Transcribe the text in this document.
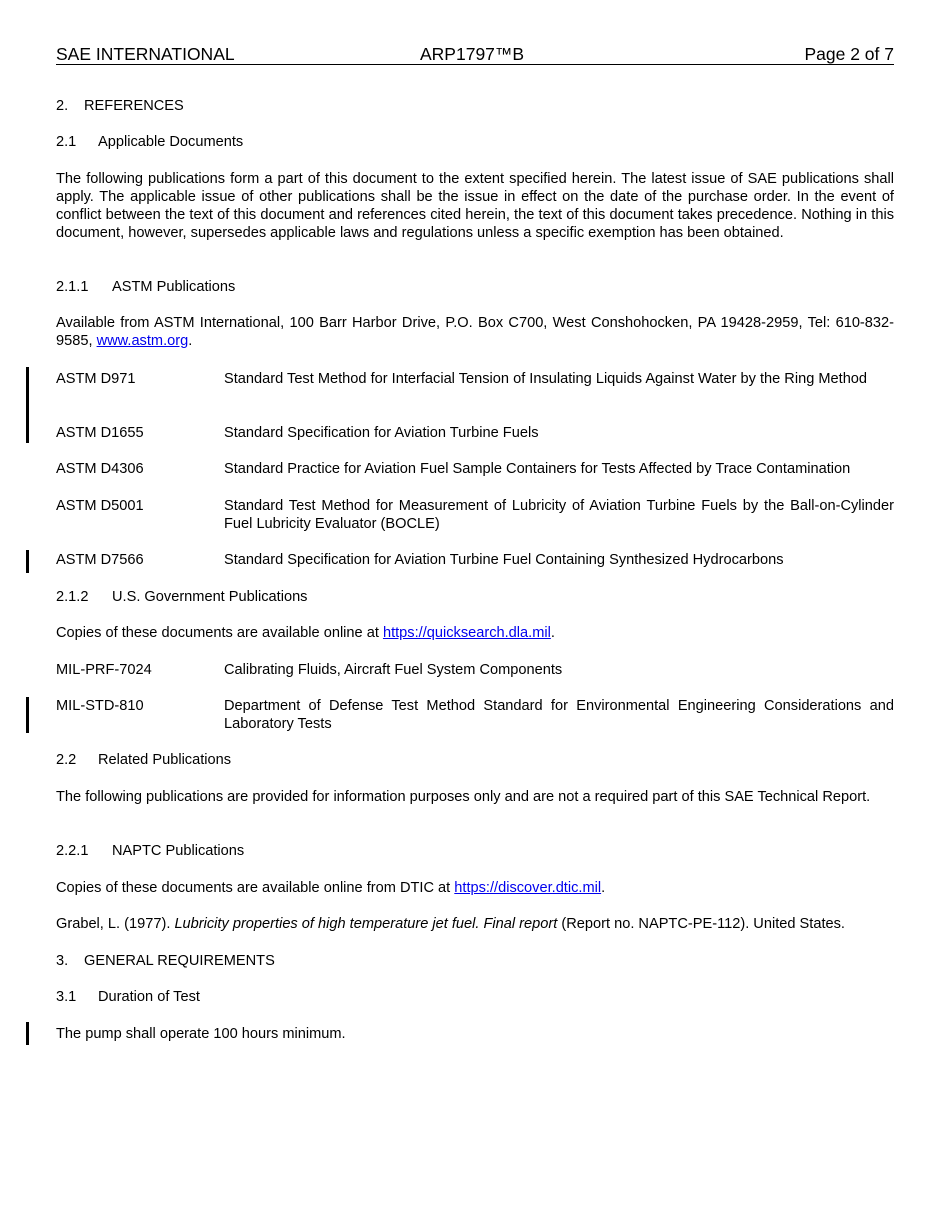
SAE INTERNATIONAL	ARP1797™B	Page 2 of 7
2. REFERENCES
2.1 Applicable Documents
The following publications form a part of this document to the extent specified herein. The latest issue of SAE publications shall apply. The applicable issue of other publications shall be the issue in effect on the date of the purchase order. In the event of conflict between the text of this document and references cited herein, the text of this document takes precedence. Nothing in this document, however, supersedes applicable laws and regulations unless a specific exemption has been obtained.
2.1.1 ASTM Publications
Available from ASTM International, 100 Barr Harbor Drive, P.O. Box C700, West Conshohocken, PA 19428-2959, Tel: 610-832-9585, www.astm.org.
ASTM D971	Standard Test Method for Interfacial Tension of Insulating Liquids Against Water by the Ring Method
ASTM D1655	Standard Specification for Aviation Turbine Fuels
ASTM D4306	Standard Practice for Aviation Fuel Sample Containers for Tests Affected by Trace Contamination
ASTM D5001	Standard Test Method for Measurement of Lubricity of Aviation Turbine Fuels by the Ball-on-Cylinder Fuel Lubricity Evaluator (BOCLE)
ASTM D7566	Standard Specification for Aviation Turbine Fuel Containing Synthesized Hydrocarbons
2.1.2 U.S. Government Publications
Copies of these documents are available online at https://quicksearch.dla.mil.
MIL-PRF-7024	Calibrating Fluids, Aircraft Fuel System Components
MIL-STD-810	Department of Defense Test Method Standard for Environmental Engineering Considerations and Laboratory Tests
2.2 Related Publications
The following publications are provided for information purposes only and are not a required part of this SAE Technical Report.
2.2.1 NAPTC Publications
Copies of these documents are available online from DTIC at https://discover.dtic.mil.
Grabel, L. (1977). Lubricity properties of high temperature jet fuel. Final report (Report no. NAPTC-PE-112). United States.
3. GENERAL REQUIREMENTS
3.1 Duration of Test
The pump shall operate 100 hours minimum.
